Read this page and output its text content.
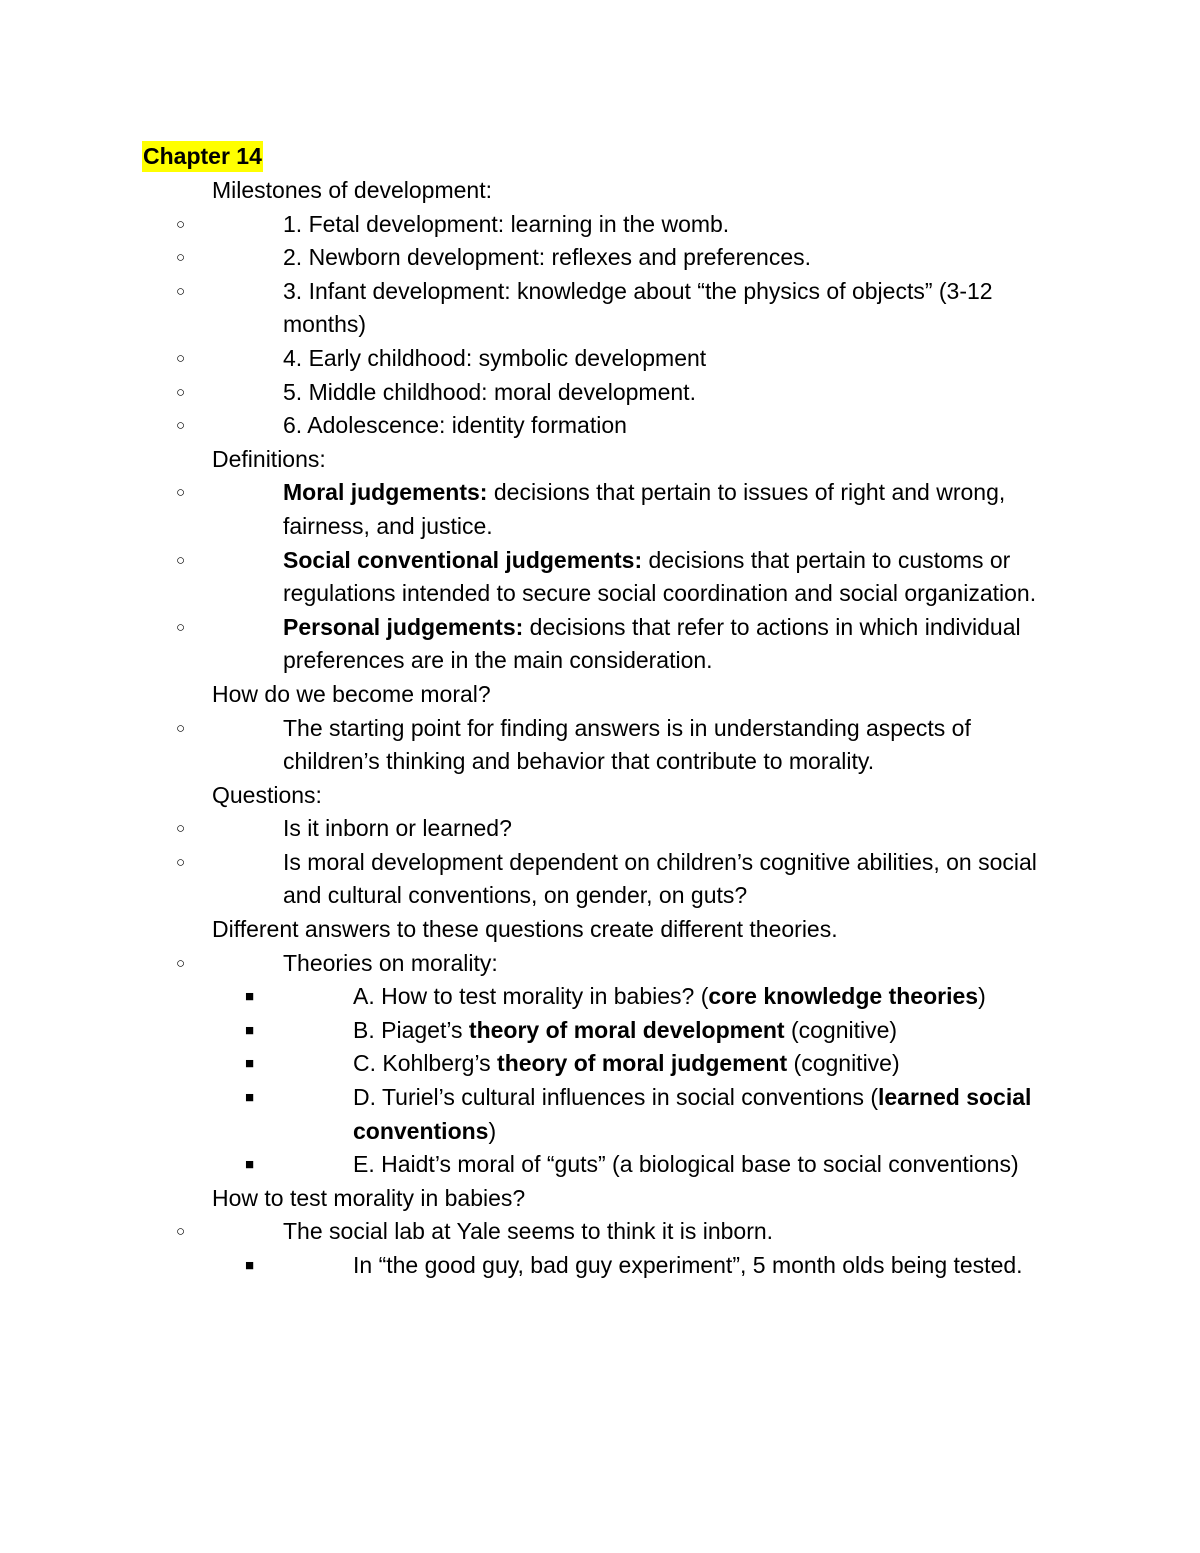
Chapter 14
Milestones of development:
○	1. Fetal development: learning in the womb.
○	2. Newborn development: reflexes and preferences.
○	3. Infant development: knowledge about “the physics of objects” (3-12 months)
○	4. Early childhood: symbolic development
○	5. Middle childhood: moral development.
○	6. Adolescence: identity formation
Definitions:
○	Moral judgements: decisions that pertain to issues of right and wrong, fairness, and justice.
○	Social conventional judgements: decisions that pertain to customs or regulations intended to secure social coordination and social organization.
○	Personal judgements: decisions that refer to actions in which individual preferences are in the main consideration.
How do we become moral?
○	The starting point for finding answers is in understanding aspects of children’s thinking and behavior that contribute to morality.
Questions:
○	Is it inborn or learned?
○	Is moral development dependent on children’s cognitive abilities, on social and cultural conventions, on gender, on guts?
Different answers to these questions create different theories.
○	Theories on morality:
■	A. How to test morality in babies? (core knowledge theories)
■	B. Piaget’s theory of moral development (cognitive)
■	C. Kohlberg’s theory of moral judgement (cognitive)
■	D. Turiel’s cultural influences in social conventions (learned social conventions)
■	E. Haidt’s moral of “guts” (a biological base to social conventions)
How to test morality in babies?
○	The social lab at Yale seems to think it is inborn.
■	In “the good guy, bad guy experiment”, 5 month olds being tested.
